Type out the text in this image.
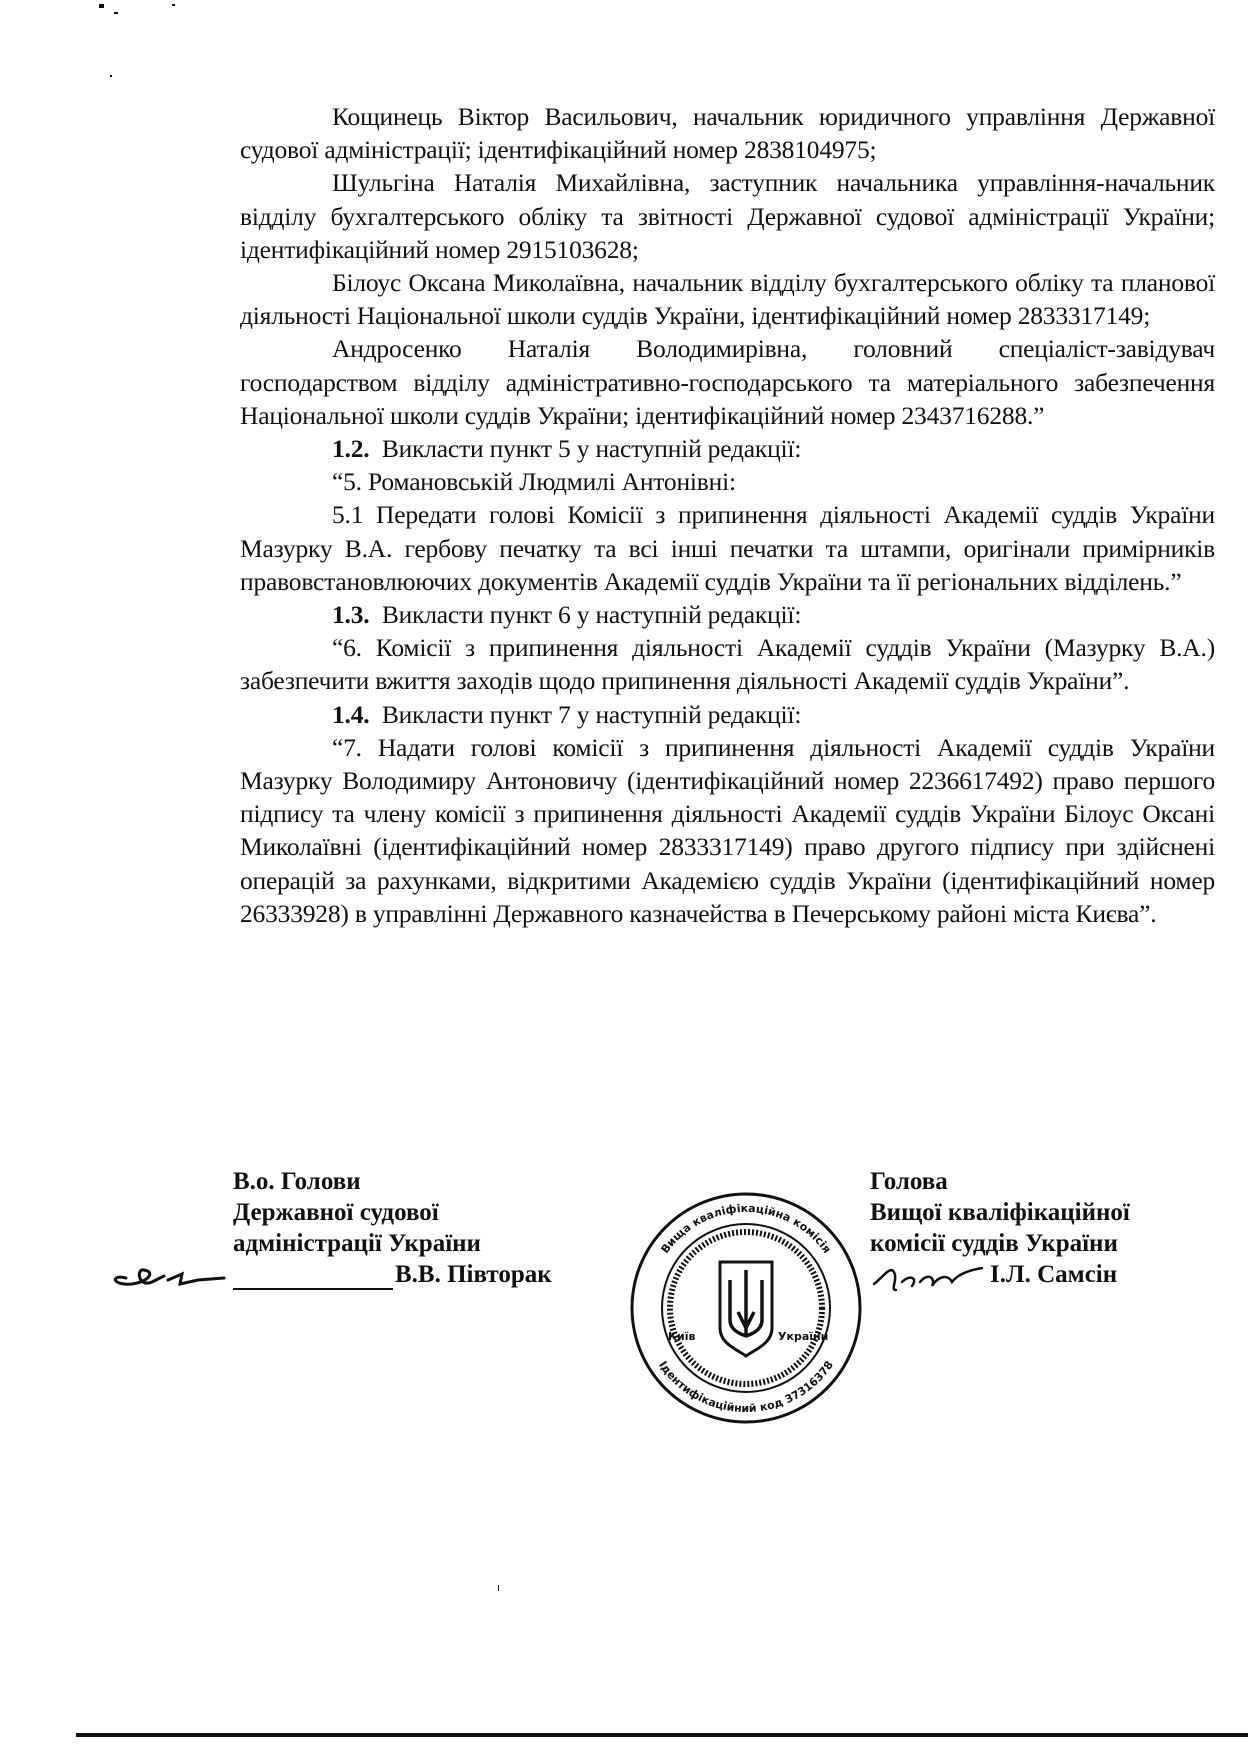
Кощинець Віктор Васильович, начальник юридичного управління Державної судової адміністрації; ідентифікаційний номер 2838104975;

Шульгіна Наталія Михайлівна, заступник начальника управління-начальник відділу бухгалтерського обліку та звітності Державної судової адміністрації України; ідентифікаційний номер 2915103628;

Білоус Оксана Миколаївна, начальник відділу бухгалтерського обліку та планової діяльності Національної школи суддів України, ідентифікаційний номер 2833317149;

Андросенко Наталія Володимирівна, головний спеціаліст-завідувач господарством відділу адміністративно-господарського та матеріального забезпечення Національної школи суддів України; ідентифікаційний номер 2343716288.”

1.2. Викласти пункт 5 у наступній редакції:

“5. Романовській Людмилі Антонівні:

5.1 Передати голові Комісії з припинення діяльності Академії суддів України Мазурку В.А. гербову печатку та всі інші печатки та штампи, оригінали примірників правовстановлюючих документів Академії суддів України та її регіональних відділень.”

1.3. Викласти пункт 6 у наступній редакції:

“6. Комісії з припинення діяльності Академії суддів України (Мазурку В.А.) забезпечити вжиття заходів щодо припинення діяльності Академії суддів України”.

1.4. Викласти пункт 7 у наступній редакції:

“7. Надати голові комісії з припинення діяльності Академії суддів України Мазурку Володимиру Антоновичу (ідентифікаційний номер 2236617492) право першого підпису та члену комісії з припинення діяльності Академії суддів України Білоус Оксані Миколаївні (ідентифікаційний номер 2833317149) право другого підпису при здійснені операцій за рахунками, відкритими Академією суддів України (ідентифікаційний номер 26333928) в управлінні Державного казначейства в Печерському районі міста Києва”.

В.о. Голови
Державної судової
адміністрації України
В.В. Півторак
Вища кваліфікаційна комісія
Ідентифікаційний код 37316378
Київ	України
Голова
Вищої кваліфікаційної
комісії суддів України
І.Л. Самсін
